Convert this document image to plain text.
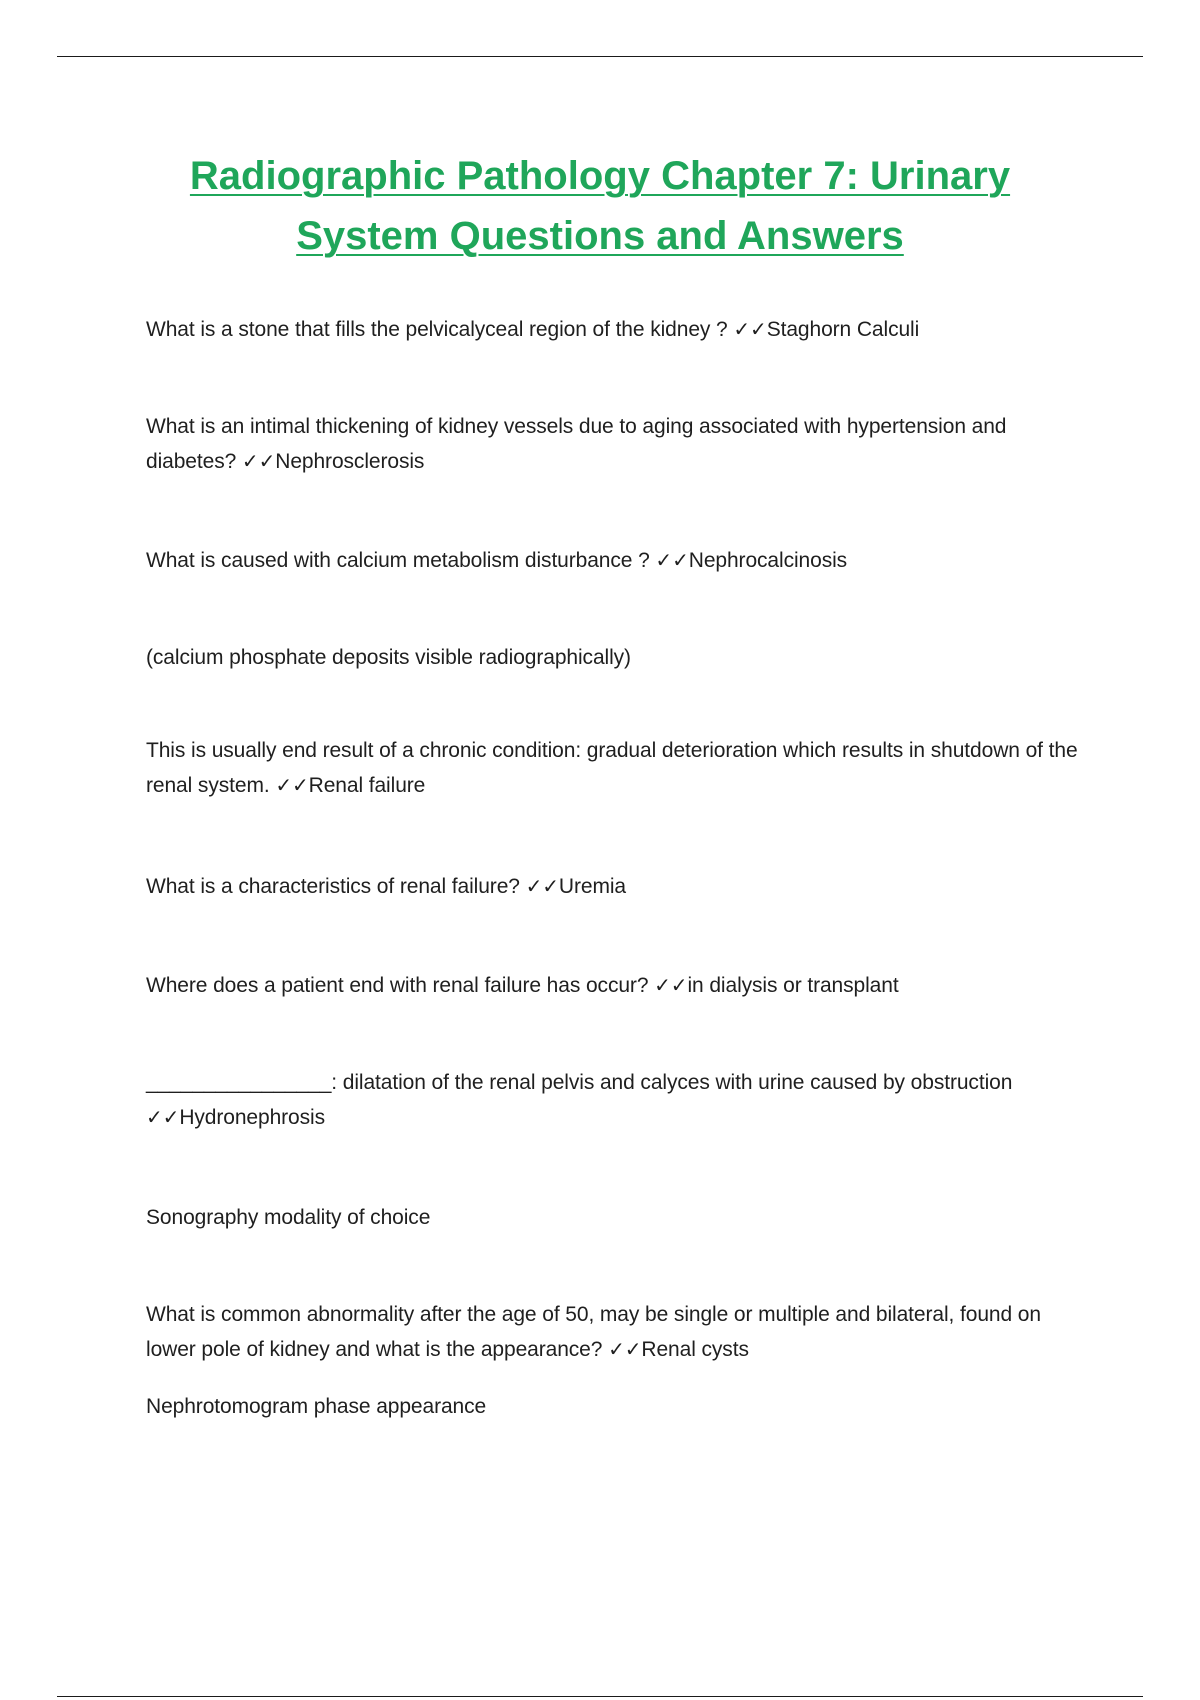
Radiographic Pathology Chapter 7: Urinary System Questions and Answers

What is a stone that fills the pelvicalyceal region of the kidney ? ✓✓Staghorn Calculi

What is an intimal thickening of kidney vessels due to aging associated with hypertension and diabetes? ✓✓Nephrosclerosis

What is caused with calcium metabolism disturbance ? ✓✓Nephrocalcinosis

(calcium phosphate deposits visible radiographically)

This is usually end result of a chronic condition: gradual deterioration which results in shutdown of the renal system. ✓✓Renal failure

What is a characteristics of renal failure? ✓✓Uremia

Where does a patient end with renal failure has occur? ✓✓in dialysis or transplant

________________: dilatation of the renal pelvis and calyces with urine caused by obstruction
✓✓Hydronephrosis

Sonography modality of choice

What is common abnormality after the age of 50, may be single or multiple and bilateral, found on lower pole of kidney and what is the appearance? ✓✓Renal cysts

Nephrotomogram phase appearance
